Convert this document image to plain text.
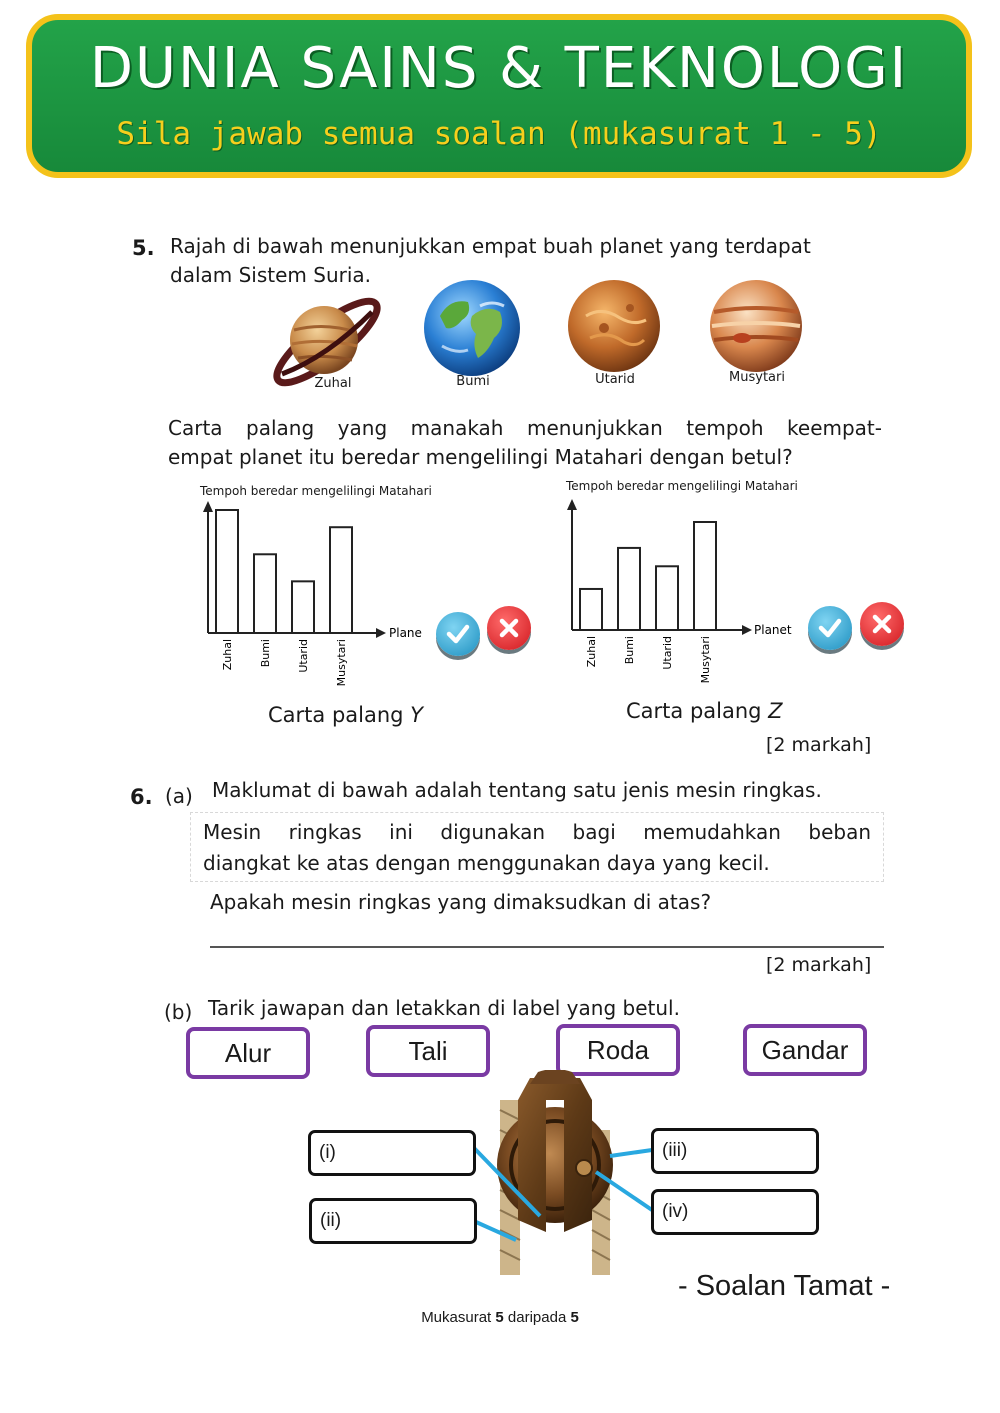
DUNIA SAINS & TEKNOLOGI
Sila jawab semua soalan (mukasurat 1 - 5)
5. Rajah di bawah menunjukkan empat buah planet yang terdapat
dalam Sistem Suria.
Zuhal	Bumi	Utarid	Musytari
Carta palang yang manakah menunjukkan tempoh keempat-
empat planet itu beredar mengelilingi Matahari dengan betul?
Tempoh beredar mengelilingi Matahari
Plane
Zuhal Bumi Utarid Musytari
Carta palang Y
Tempoh beredar mengelilingi Matahari
Planet
Zuhal Bumi Utarid Musytari
Carta palang Z
[2 markah]
6. (a) Maklumat di bawah adalah tentang satu jenis mesin ringkas.
Mesin ringkas ini digunakan bagi memudahkan beban
diangkat ke atas dengan menggunakan daya yang kecil.
Apakah mesin ringkas yang dimaksudkan di atas?
[2 markah]
(b) Tarik jawapan dan letakkan di label yang betul.
Alur	Tali	Roda	Gandar
(i)
(ii)
(iii)
(iv)
- Soalan Tamat -
Mukasurat 5 daripada 5
